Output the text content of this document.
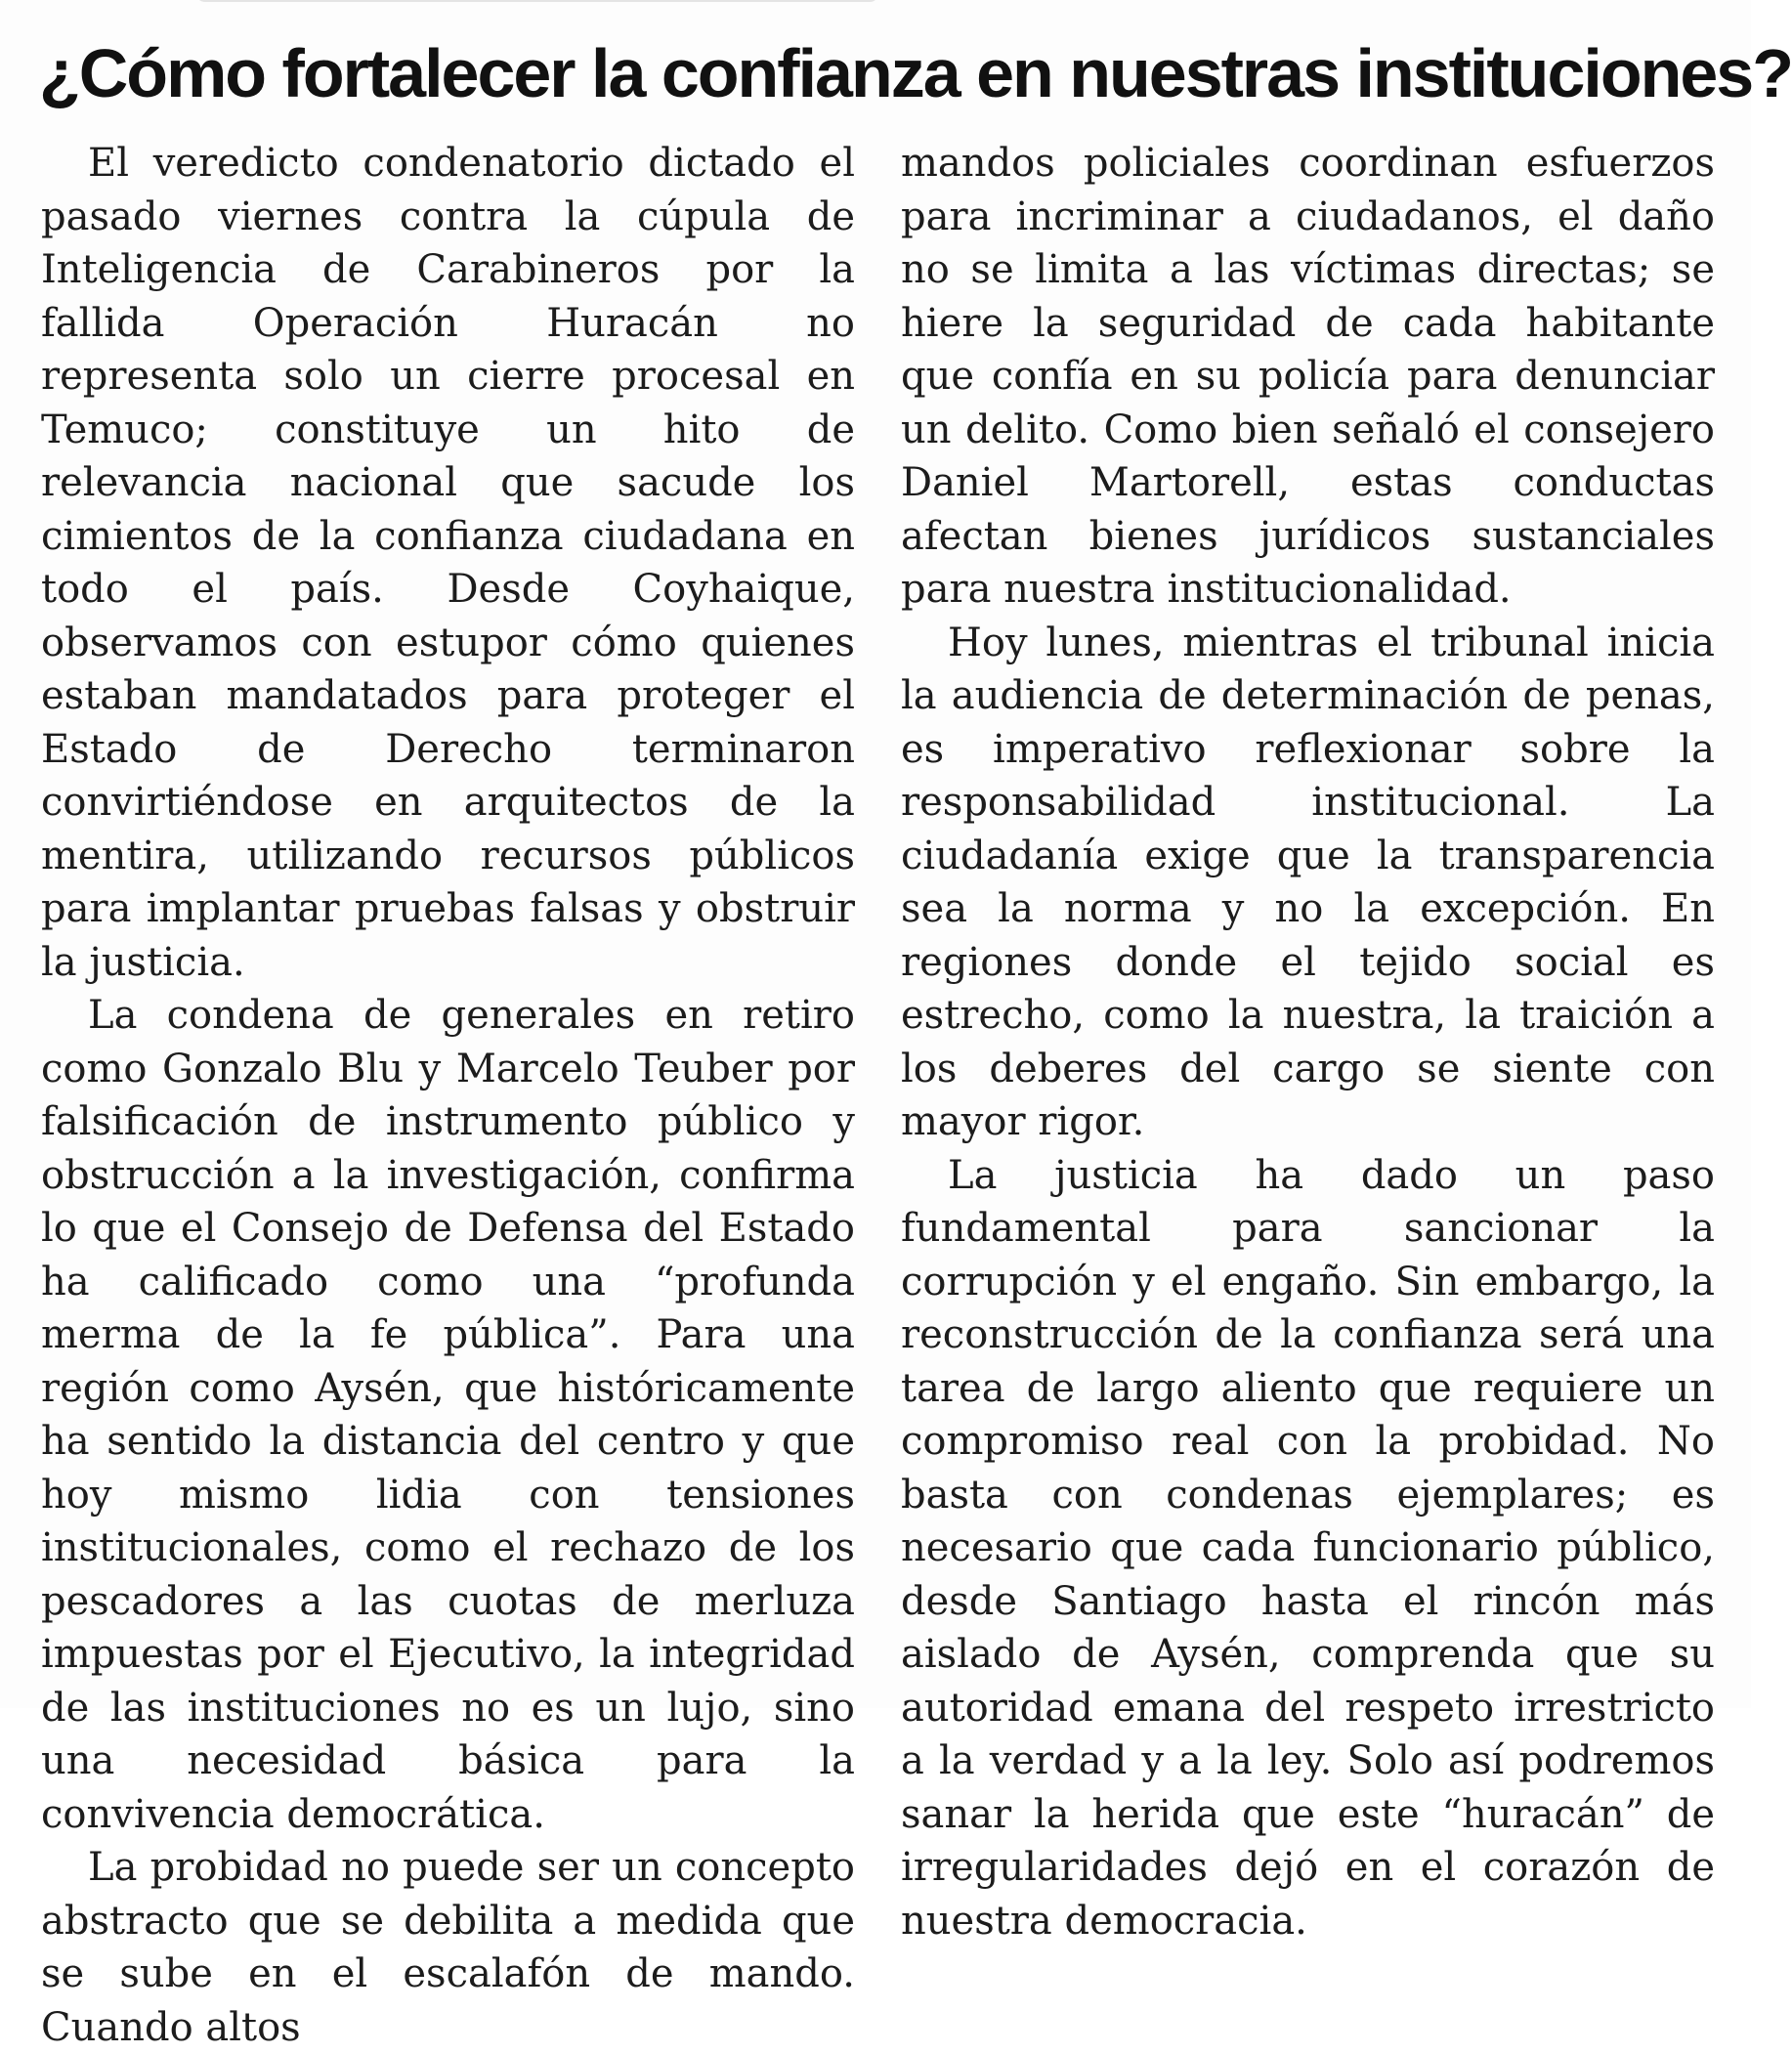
¿Cómo fortalecer la confianza en nuestras instituciones?

El veredicto condenatorio dictado el pasado viernes contra la cúpula de Inteligencia de Carabineros por la fallida Operación Huracán no representa solo un cierre procesal en Temuco; constituye un hito de relevancia nacional que sacude los cimientos de la confianza ciudadana en todo el país. Desde Coyhaique, observamos con estupor cómo quienes estaban mandatados para proteger el Estado de Derecho terminaron convirtiéndose en arquitectos de la mentira, utilizando recursos públicos para implantar pruebas falsas y obstruir la justicia.

La condena de generales en retiro como Gonzalo Blu y Marcelo Teuber por falsificación de instrumento público y obstrucción a la investigación, confirma lo que el Consejo de Defensa del Estado ha calificado como una “profunda merma de la fe pública”. Para una región como Aysén, que históricamente ha sentido la distancia del centro y que hoy mismo lidia con tensiones institucionales, como el rechazo de los pescadores a las cuotas de merluza impuestas por el Ejecutivo, la integridad de las instituciones no es un lujo, sino una necesidad básica para la convivencia democrática.

La probidad no puede ser un concepto abstracto que se debilita a medida que se sube en el escalafón de mando. Cuando altos

mandos policiales coordinan esfuerzos para incriminar a ciudadanos, el daño no se limita a las víctimas directas; se hiere la seguridad de cada habitante que confía en su policía para denunciar un delito. Como bien señaló el consejero Daniel Martorell, estas conductas afectan bienes jurídicos sustanciales para nuestra institucionalidad.

Hoy lunes, mientras el tribunal inicia la audiencia de determinación de penas, es imperativo reflexionar sobre la responsabilidad institucional. La ciudadanía exige que la transparencia sea la norma y no la excepción. En regiones donde el tejido social es estrecho, como la nuestra, la traición a los deberes del cargo se siente con mayor rigor.

La justicia ha dado un paso fundamental para sancionar la corrupción y el engaño. Sin embargo, la reconstrucción de la confianza será una tarea de largo aliento que requiere un compromiso real con la probidad. No basta con condenas ejemplares; es necesario que cada funcionario público, desde Santiago hasta el rincón más aislado de Aysén, comprenda que su autoridad emana del respeto irrestricto a la verdad y a la ley. Solo así podremos sanar la herida que este “huracán” de irregularidades dejó en el corazón de nuestra democracia.
